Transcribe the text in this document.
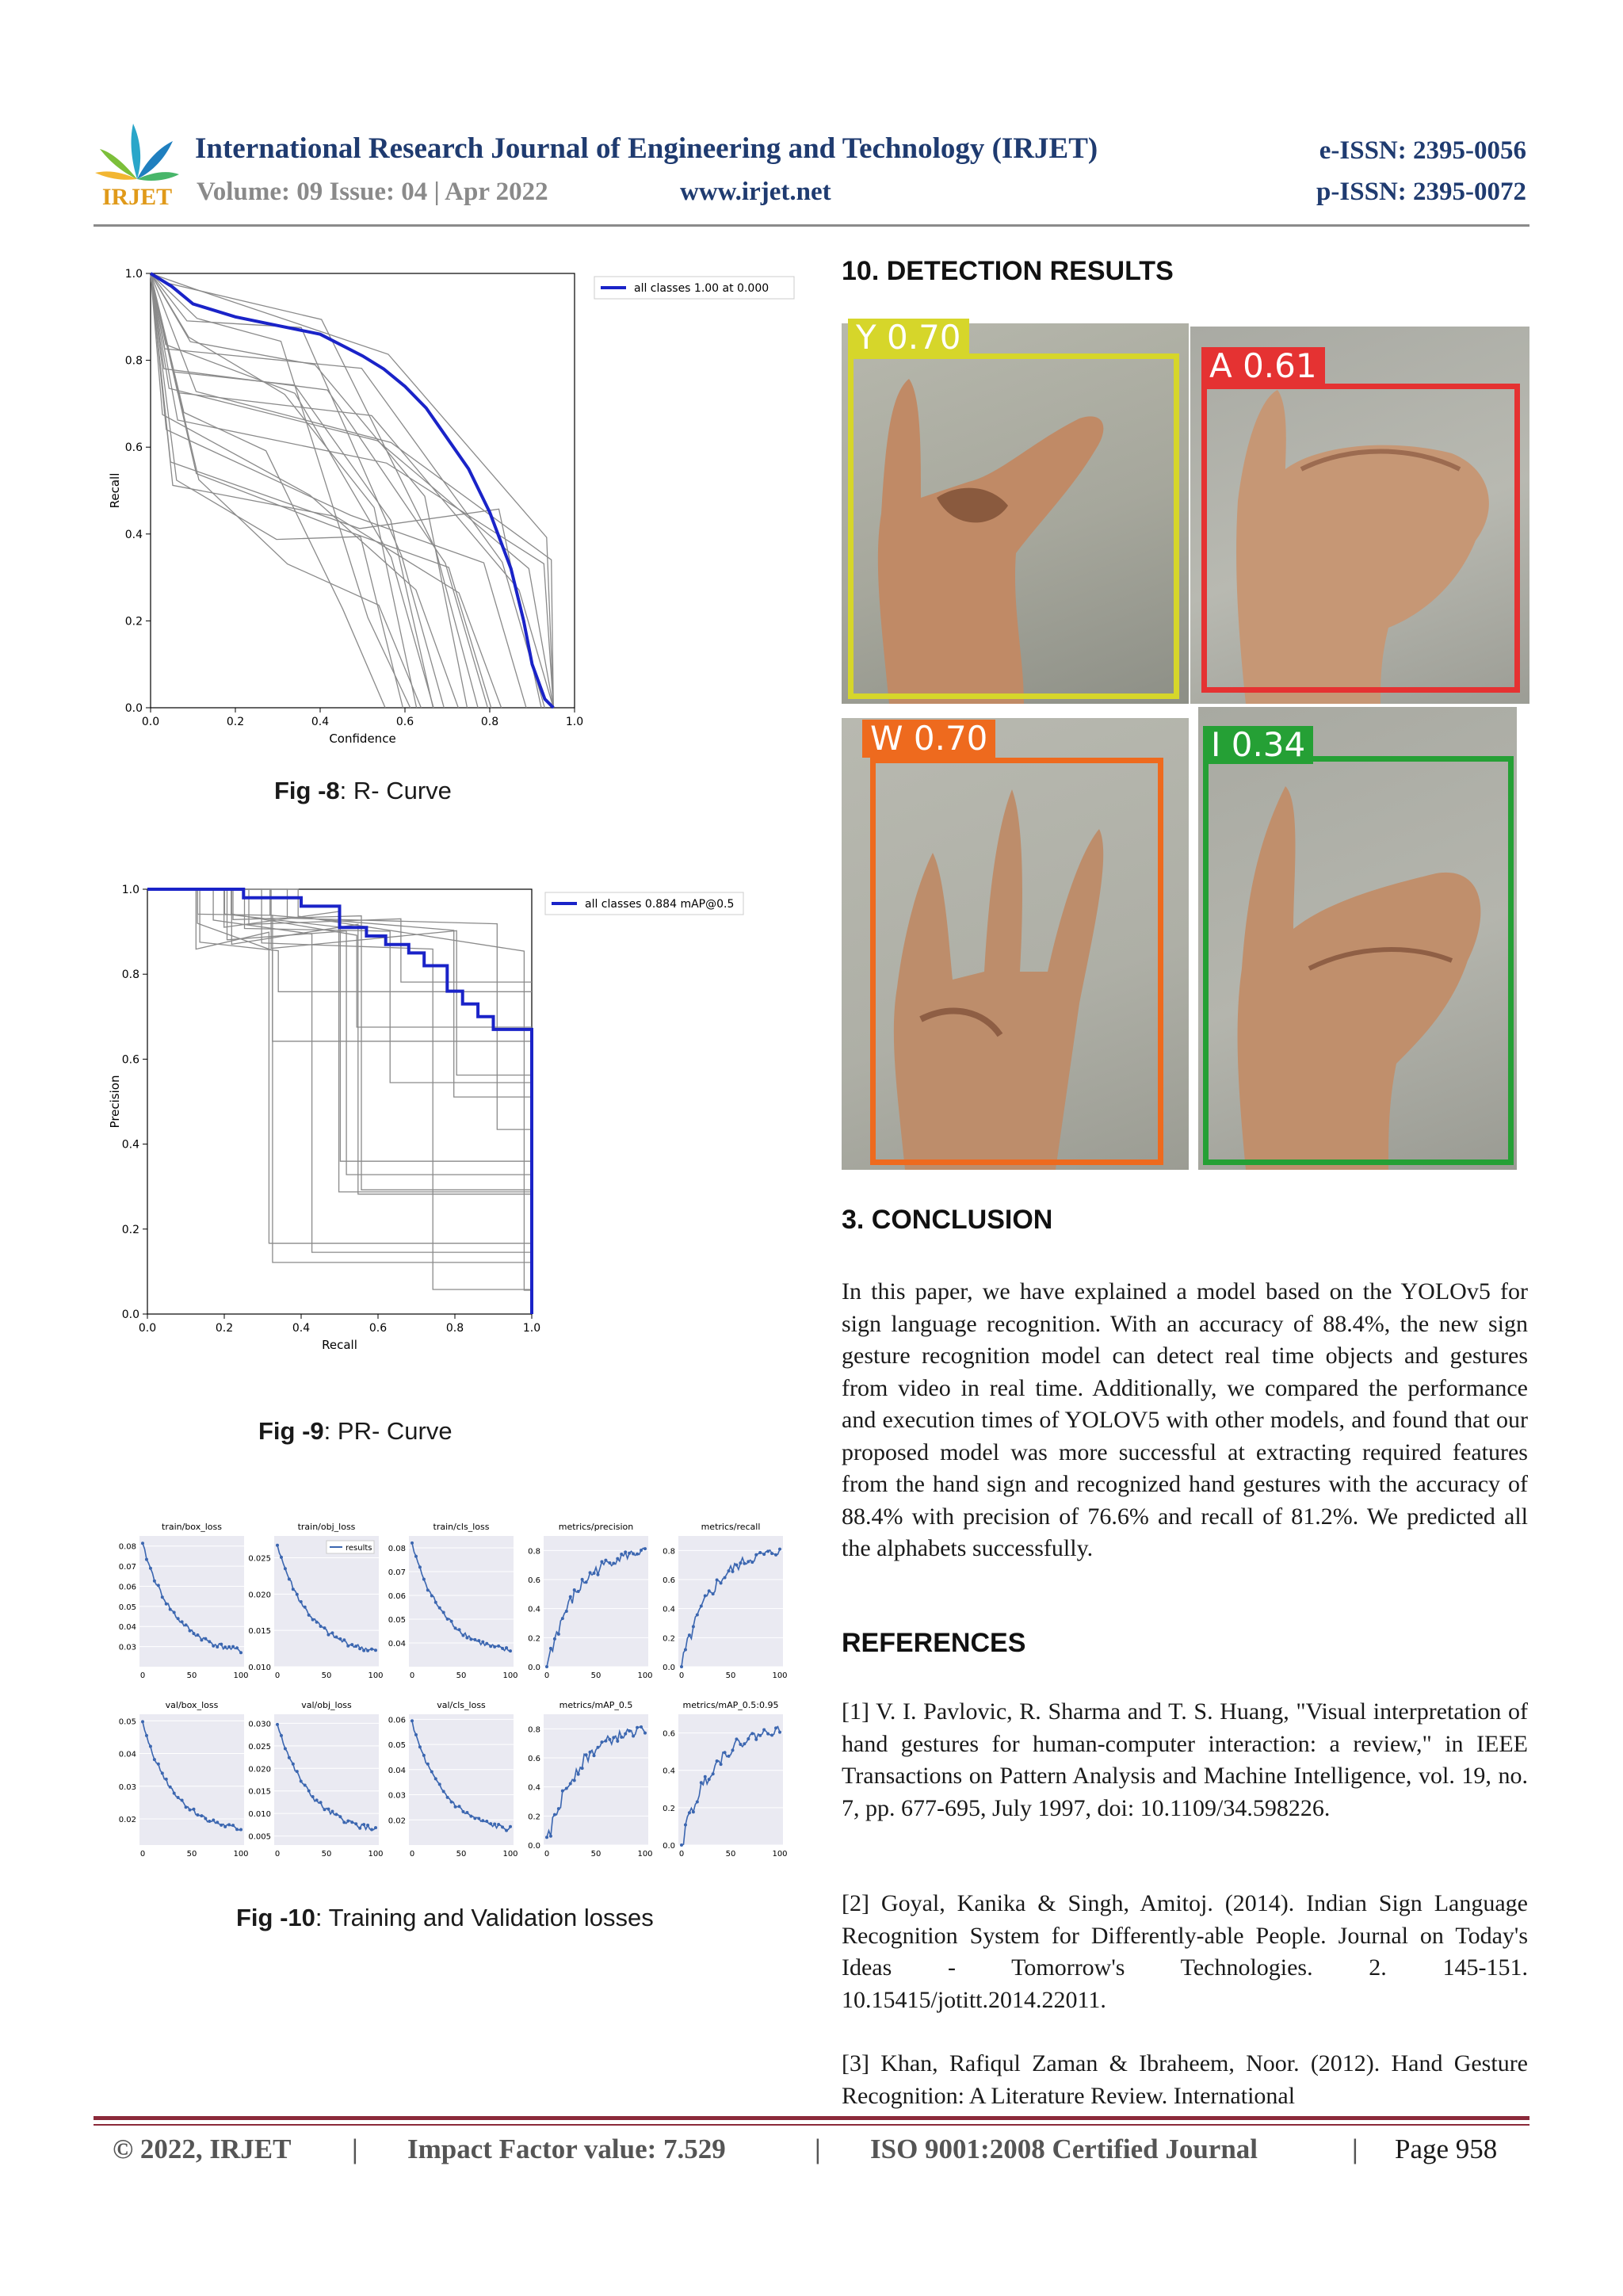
IRJET
International Research Journal of Engineering and Technology (IRJET)	e-ISSN: 2395-0056
Volume: 09 Issue: 04 | Apr 2022	www.irjet.net	p-ISSN: 2395-0072
0.0	0.2	0.4	0.6	0.8	1.0
0.0
0.2
0.4
0.6
0.8
1.0
Confidence
Recall
all classes 1.00 at 0.000
Fig -8: R- Curve
0.0	0.2	0.4	0.6	0.8	1.0
0.0
0.2
0.4
0.6
0.8
1.0
Recall
Precision
all classes 0.884 mAP@0.5
Fig -9: PR- Curve
train/box_loss
0.03
0.04
0.05
0.06
0.07
0.08
0	50	100
train/obj_loss
0.010
0.015
0.020
0.025
0	50	100
results
train/cls_loss
0.04
0.05
0.06
0.07
0.08
0	50	100
metrics/precision
0.0
0.2
0.4
0.6
0.8
0	50	100
metrics/recall
0.0
0.2
0.4
0.6
0.8
0	50	100
val/box_loss
0.02
0.03
0.04
0.05
0	50	100
val/obj_loss
0.005
0.010
0.015
0.020
0.025
0.030
0	50	100
val/cls_loss
0.02
0.03
0.04
0.05
0.06
0	50	100
metrics/mAP_0.5
0.0
0.2
0.4
0.6
0.8
0	50	100
metrics/mAP_0.5:0.95
0.0
0.2
0.4
0.6
0	50	100
Fig -10: Training and Validation losses
10. DETECTION RESULTS
Y 0.70
A 0.61
W 0.70	I 0.34
3. CONCLUSION
In this paper, we have explained a model based on the YOLOv5 for sign language recognition. With an accuracy of 88.4%, the new sign gesture recognition model can detect real time objects and gestures from video in real time. Additionally, we compared the performance and execution times of YOLOV5 with other models, and found that our proposed model was more successful at extracting required features from the hand sign and recognized hand gestures with the accuracy of 88.4% with precision of 76.6% and recall of 81.2%. We predicted all the alphabets successfully.
REFERENCES
[1] V. I. Pavlovic, R. Sharma and T. S. Huang, "Visual interpretation of hand gestures for human-computer interaction: a review," in IEEE Transactions on Pattern Analysis and Machine Intelligence, vol. 19, no. 7, pp. 677-695, July 1997, doi: 10.1109/34.598226.
[2] Goyal, Kanika & Singh, Amitoj. (2014). Indian Sign Language Recognition System for Differently-able People. Journal on Today's Ideas - Tomorrow's Technologies. 2. 145-151. 10.15415/jotitt.2014.22011.
[3] Khan, Rafiqul Zaman & Ibraheem, Noor. (2012). Hand Gesture Recognition: A Literature Review. International
© 2022, IRJET | Impact Factor value: 7.529	| ISO 9001:2008 Certified Journal	| Page 958
